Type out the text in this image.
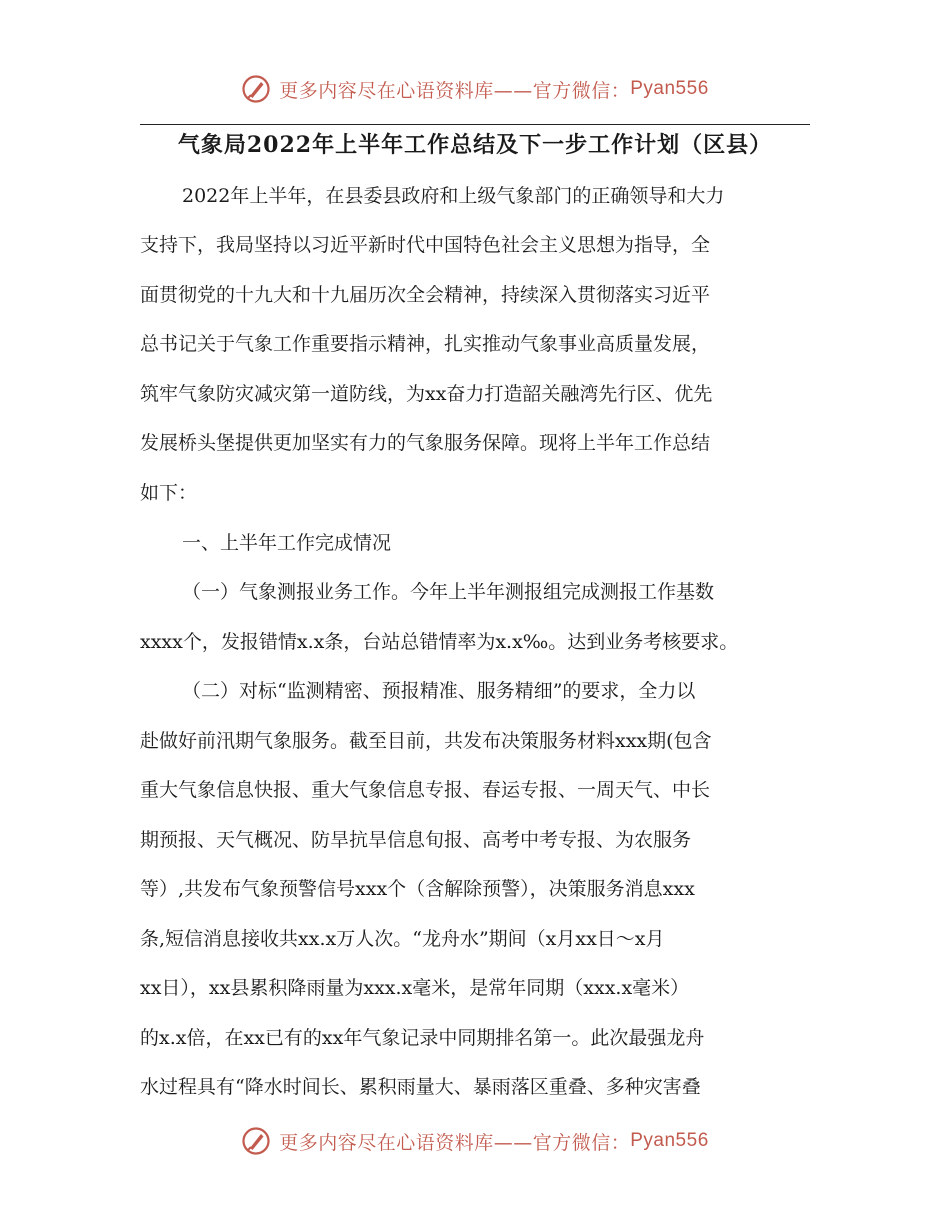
更多内容尽在心语资料库——官方微信： Pyan556
气象局2022年上半年工作总结及下一步工作计划（区县）
2022年上半年，在县委县政府和上级气象部门的正确领导和大力
支持下，我局坚持以习近平新时代中国特色社会主义思想为指导，全
面贯彻党的十九大和十九届历次全会精神，持续深入贯彻落实习近平
总书记关于气象工作重要指示精神，扎实推动气象事业高质量发展，
筑牢气象防灾减灾第一道防线，为xx奋力打造韶关融湾先行区、优先
发展桥头堡提供更加坚实有力的气象服务保障。现将上半年工作总结
如下：
一、上半年工作完成情况
（一）气象测报业务工作。今年上半年测报组完成测报工作基数
xxxx个，发报错情x.x条，台站总错情率为x.x‰。达到业务考核要求。
（二）对标“监测精密、预报精准、服务精细”的要求，全力以
赴做好前汛期气象服务。截至目前，共发布决策服务材料xxx期(包含
重大气象信息快报、重大气象信息专报、春运专报、一周天气、中长
期预报、天气概况、防旱抗旱信息旬报、高考中考专报、为农服务
等）,共发布气象预警信号xxx个（含解除预警），决策服务消息xxx
条,短信消息接收共xx.x万人次。“龙舟水”期间（x月xx日～x月
xx日），xx县累积降雨量为xxx.x毫米，是常年同期（xxx.x毫米）
的x.x倍，在xx已有的xx年气象记录中同期排名第一。此次最强龙舟
水过程具有“降水时间长、累积雨量大、暴雨落区重叠、多种灾害叠
更多内容尽在心语资料库——官方微信： Pyan556
